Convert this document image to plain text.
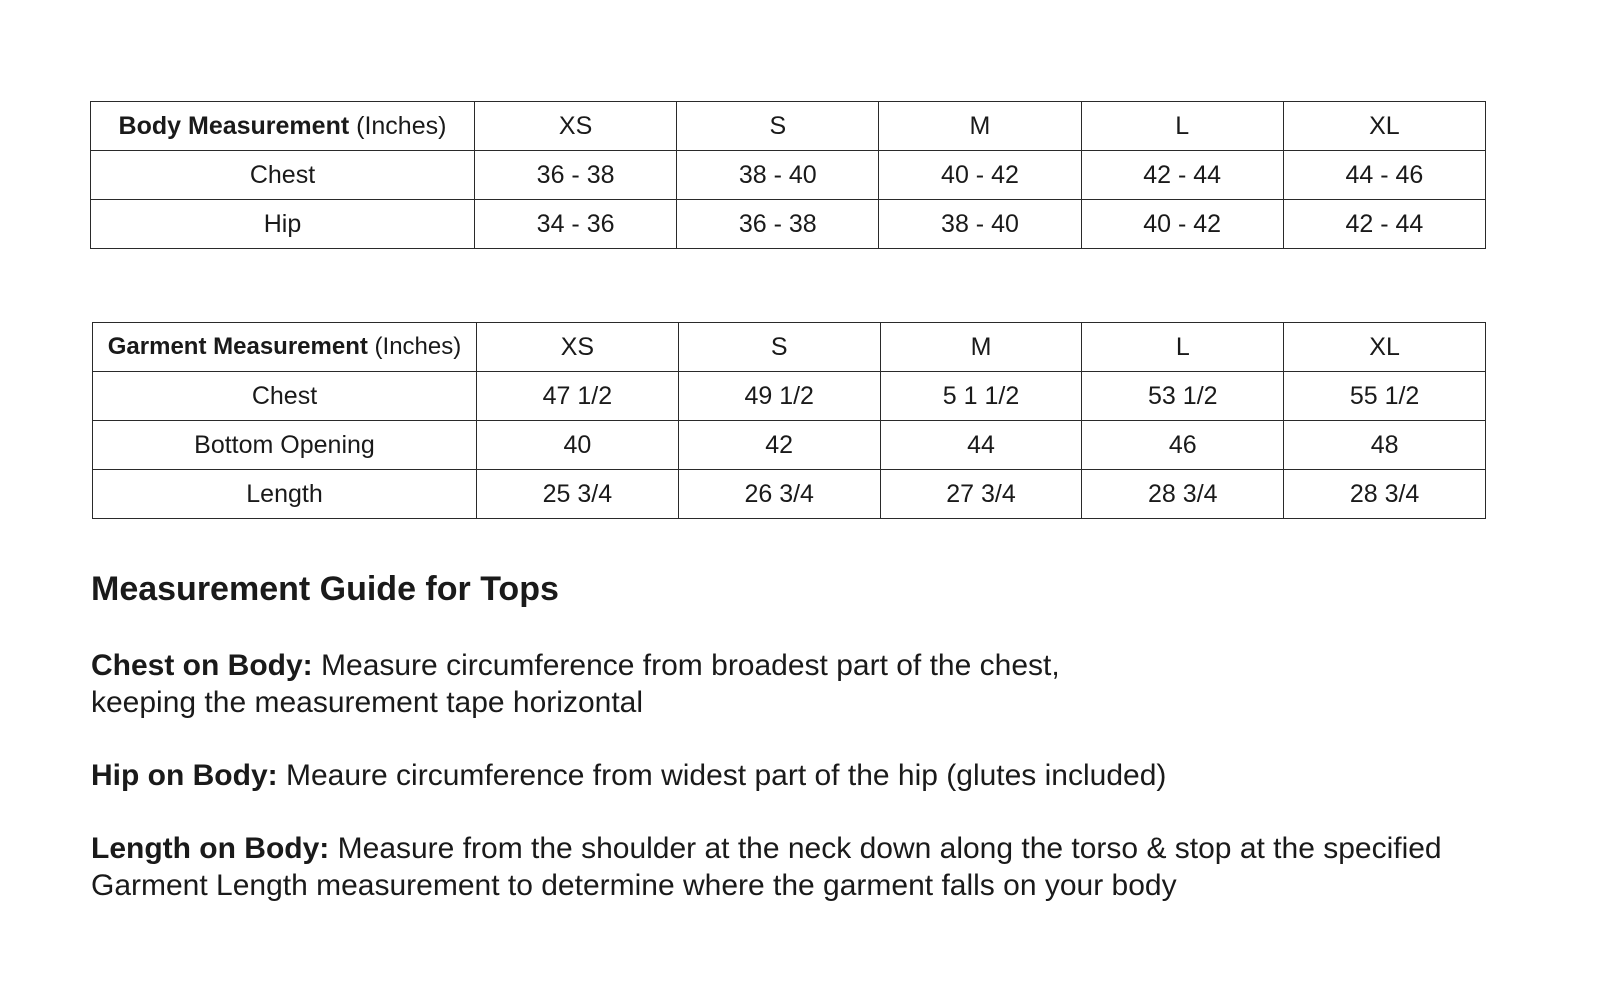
Body Measurement (Inches)	XS	S	M	L	XL
Chest	36 - 38	38 - 40	40 - 42	42 - 44	44 - 46
Hip	34 - 36	36 - 38	38 - 40	40 - 42	42 - 44
Garment Measurement (Inches)	XS	S	M	L	XL
Chest	47 1/2	49 1/2	5 1 1/2	53 1/2	55 1/2
Bottom Opening	40	42	44	46	48
Length	25 3/4	26 3/4	27 3/4	28 3/4	28 3/4
Measurement Guide for Tops

Chest on Body: Measure circumference from broadest part of the chest,
keeping the measurement tape horizontal

Hip on Body: Meaure circumference from widest part of the hip (glutes included)

Length on Body: Measure from the shoulder at the neck down along the torso & stop at the specified
Garment Length measurement to determine where the garment falls on your body
